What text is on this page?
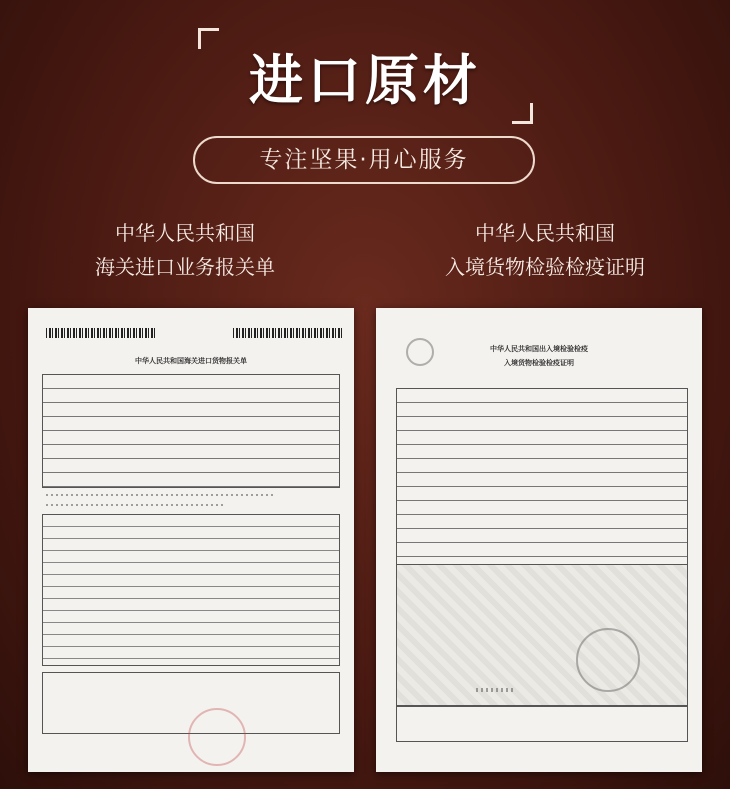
进口原材
专注坚果·用心服务
中华人民共和国
海关进口业务报关单
中华人民共和国
入境货物检验检疫证明
中华人民共和国海关进口货物报关单
中华人民共和国出入境检验检疫
入境货物检验检疫证明
